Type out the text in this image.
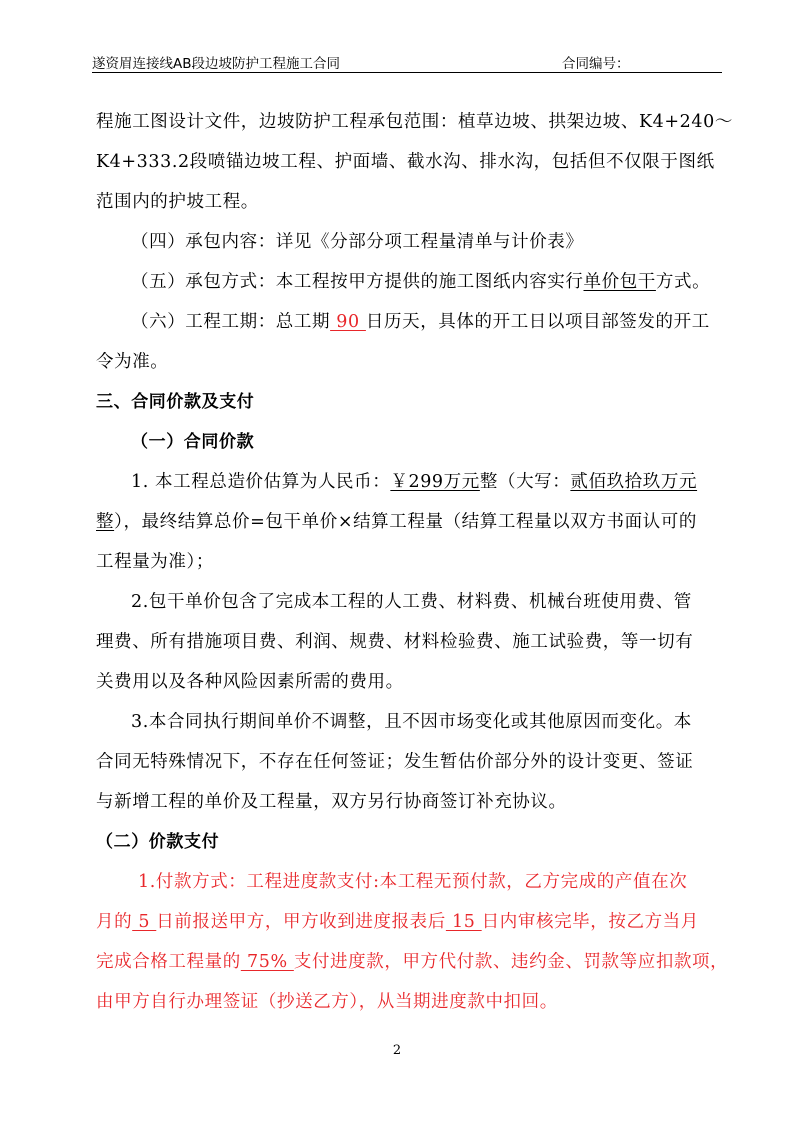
遂资眉连接线AB段边坡防护工程施工合同	合同编号：

程施工图设计文件，边坡防护工程承包范围：植草边坡、拱架边坡、K4+240～

K4+333.2段喷锚边坡工程、护面墙、截水沟、排水沟，包括但不仅限于图纸

范围内的护坡工程。

（四）承包内容：详见《分部分项工程量清单与计价表》

（五）承包方式：本工程按甲方提供的施工图纸内容实行单价包干方式。

（六）工程工期：总工期 90 日历天，具体的开工日以项目部签发的开工

令为准。

三、合同价款及支付

（一）合同价款

1. 本工程总造价估算为人民币：￥299万元整（大写：贰佰玖拾玖万元

整），最终结算总价=包干单价×结算工程量（结算工程量以双方书面认可的

工程量为准）；

2.包干单价包含了完成本工程的人工费、材料费、机械台班使用费、管

理费、所有措施项目费、利润、规费、材料检验费、施工试验费，等一切有

关费用以及各种风险因素所需的费用。

3.本合同执行期间单价不调整，且不因市场变化或其他原因而变化。本

合同无特殊情况下，不存在任何签证；发生暂估价部分外的设计变更、签证

与新增工程的单价及工程量，双方另行协商签订补充协议。

（二）价款支付

1.付款方式：工程进度款支付:本工程无预付款，乙方完成的产值在次

月的 5 日前报送甲方，甲方收到进度报表后 15 日内审核完毕，按乙方当月

完成合格工程量的 75% 支付进度款，甲方代付款、违约金、罚款等应扣款项，

由甲方自行办理签证（抄送乙方），从当期进度款中扣回。

2
